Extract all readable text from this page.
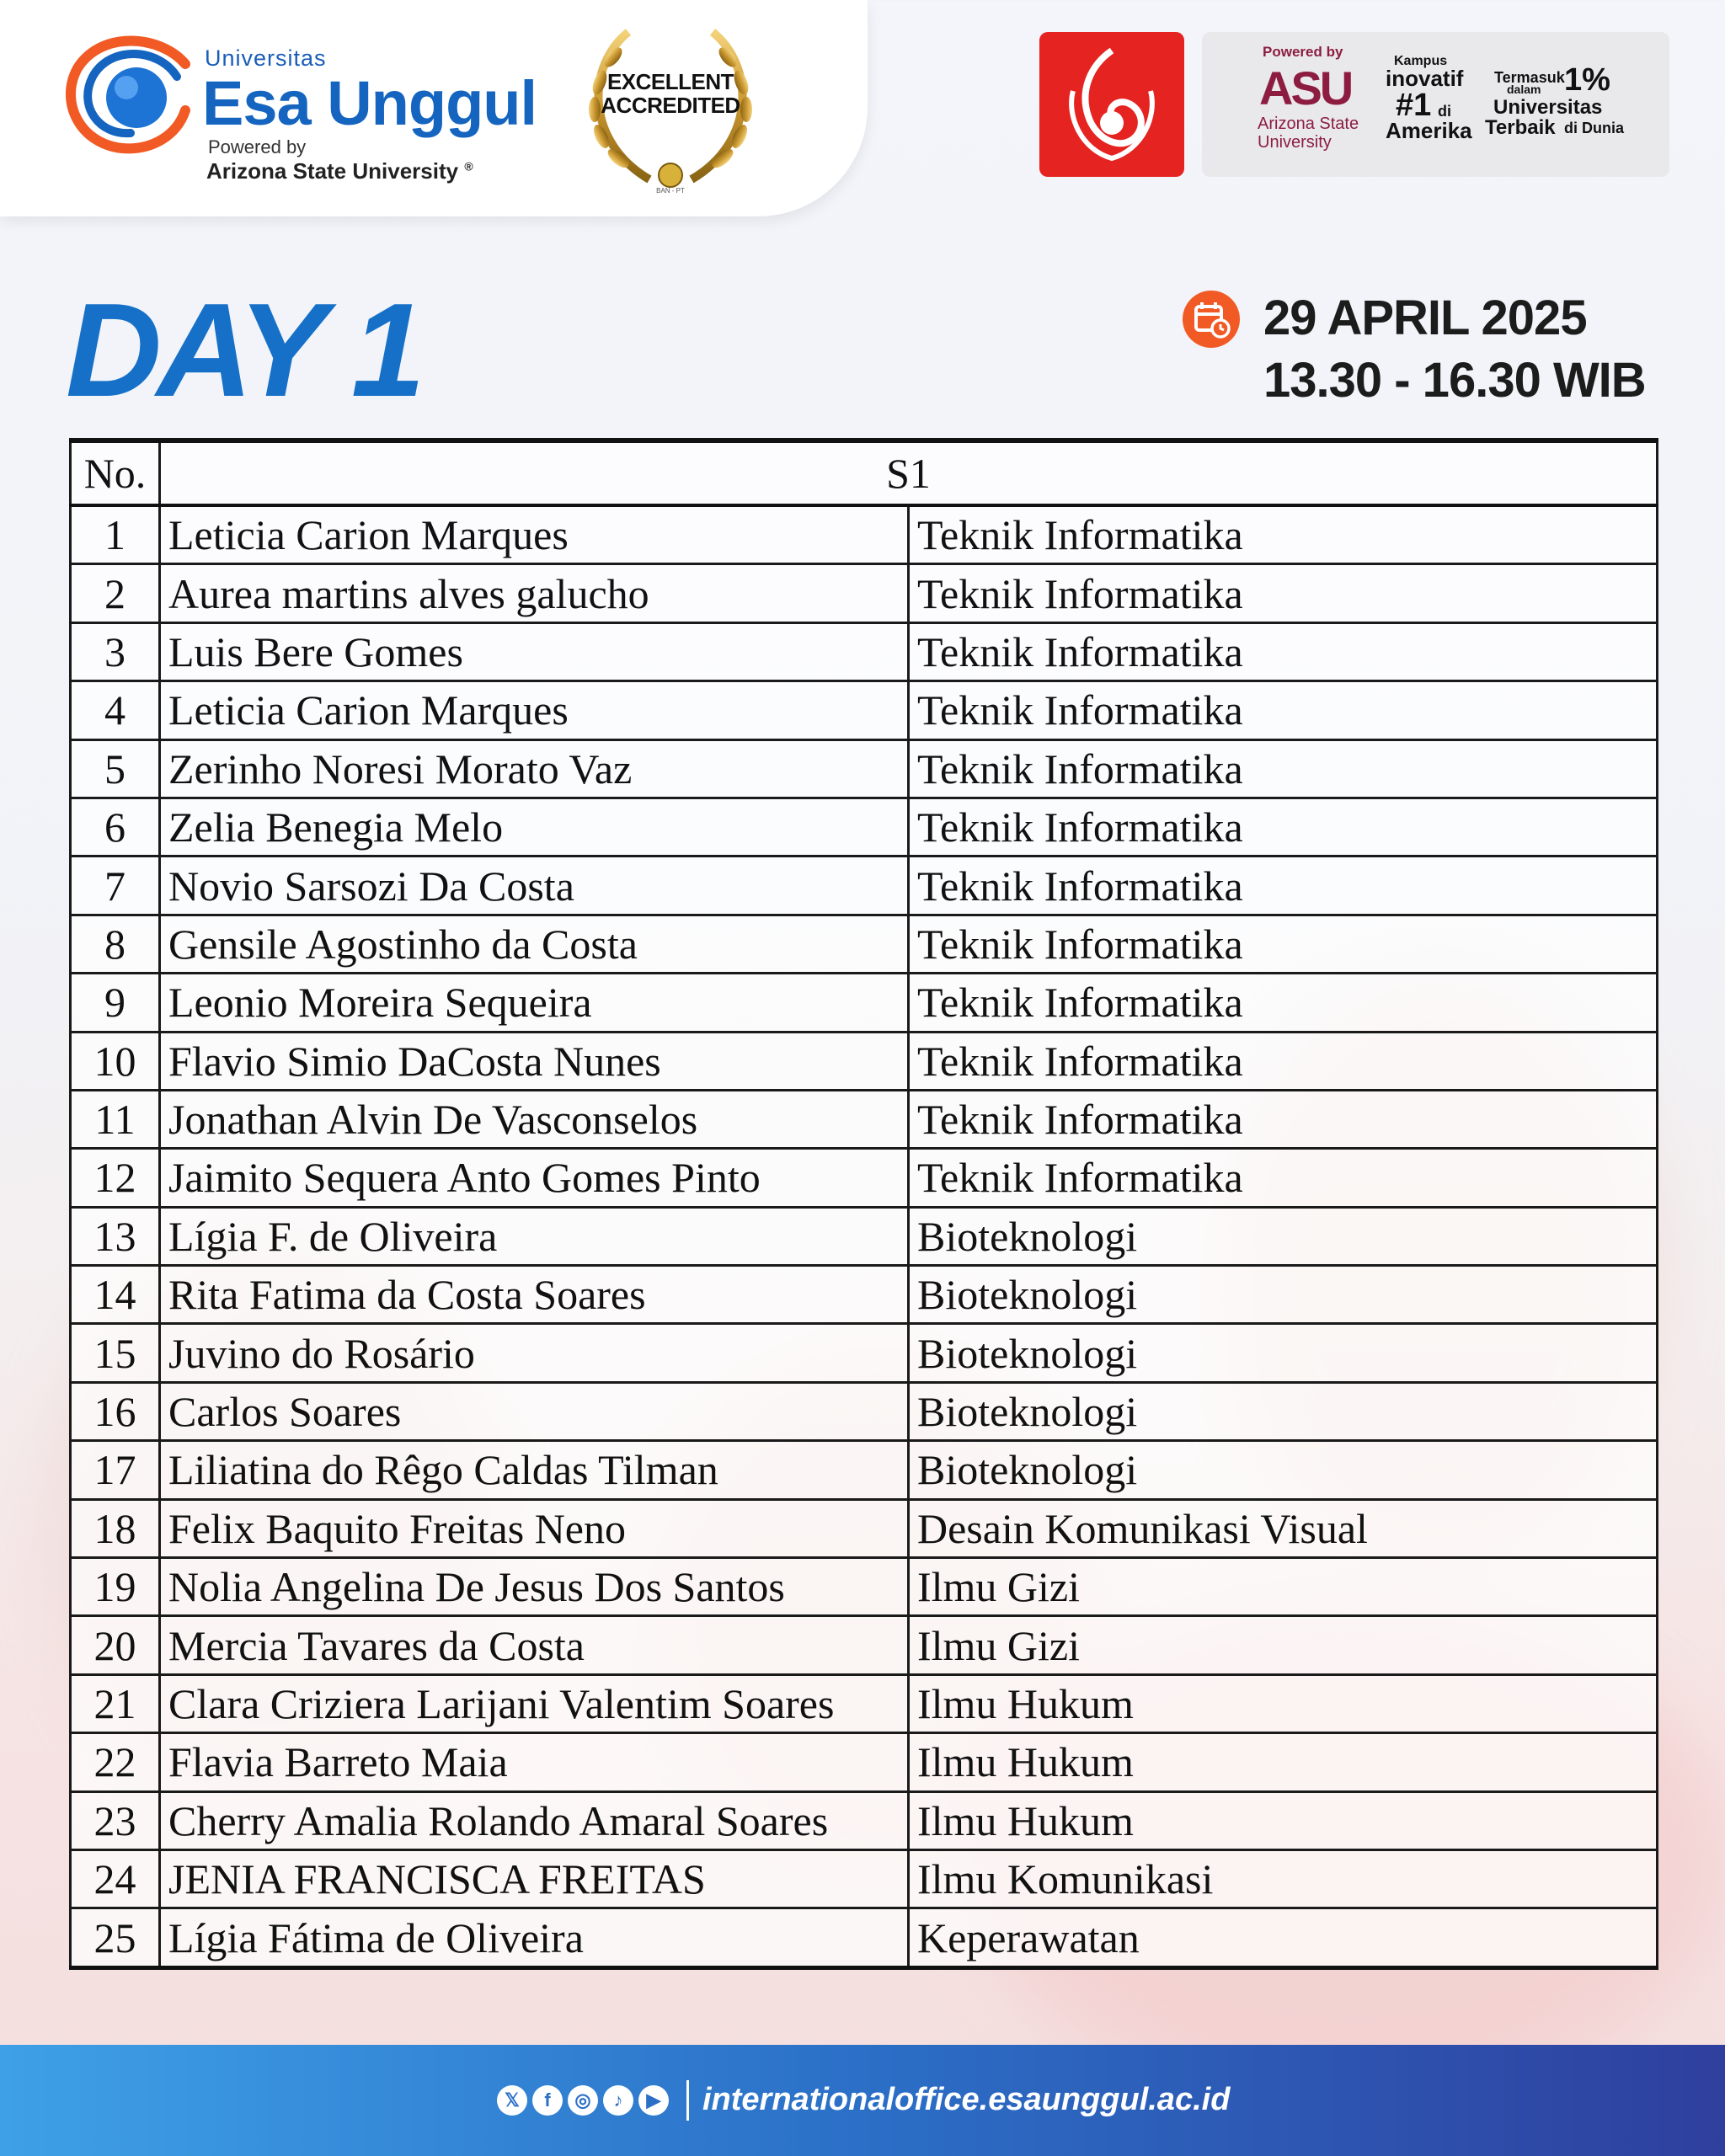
Universitas
Esa Unggul
Powered by
Arizona State University ®
EXCELLENT
ACCREDITED
BAN - PT
Powered by
ASU
Arizona State
University
Kampus
inovatif
#1 di
Amerika
Termasuk
dalam 1%
Universitas
Terbaik di Dunia
DAY 1	29 APRIL 2025
13.30 - 16.30 WIB
No.	S1	
1	Leticia Carion Marques	Teknik Informatika
2	Aurea martins alves galucho	Teknik Informatika
3	Luis Bere Gomes	Teknik Informatika
4	Leticia Carion Marques	Teknik Informatika
5	Zerinho Noresi Morato Vaz	Teknik Informatika
6	Zelia Benegia Melo	Teknik Informatika
7	Novio Sarsozi Da Costa	Teknik Informatika
8	Gensile Agostinho da Costa	Teknik Informatika
9	Leonio Moreira Sequeira	Teknik Informatika
10	Flavio Simio DaCosta Nunes	Teknik Informatika
11	Jonathan Alvin De Vasconselos	Teknik Informatika
12	Jaimito Sequera Anto Gomes Pinto	Teknik Informatika
13	Lígia F. de Oliveira	Bioteknologi
14	Rita Fatima da Costa Soares	Bioteknologi
15	Juvino do Rosário	Bioteknologi
16	Carlos Soares	Bioteknologi
17	Liliatina do Rêgo Caldas Tilman	Bioteknologi
18	Felix Baquito Freitas Neno	Desain Komunikasi Visual
19	Nolia Angelina De Jesus Dos Santos	Ilmu Gizi
20	Mercia Tavares da Costa	Ilmu Gizi
21	Clara Criziera Larijani Valentim Soares	Ilmu Hukum
22	Flavia Barreto Maia	Ilmu Hukum
23	Cherry Amalia Rolando Amaral Soares	Ilmu Hukum
24	JENIA FRANCISCA FREITAS	Ilmu Komunikasi
25	Lígia Fátima de Oliveira	Keperawatan
𝕏	f	◎	♪	▶ internationaloffice.esaunggul.ac.id
